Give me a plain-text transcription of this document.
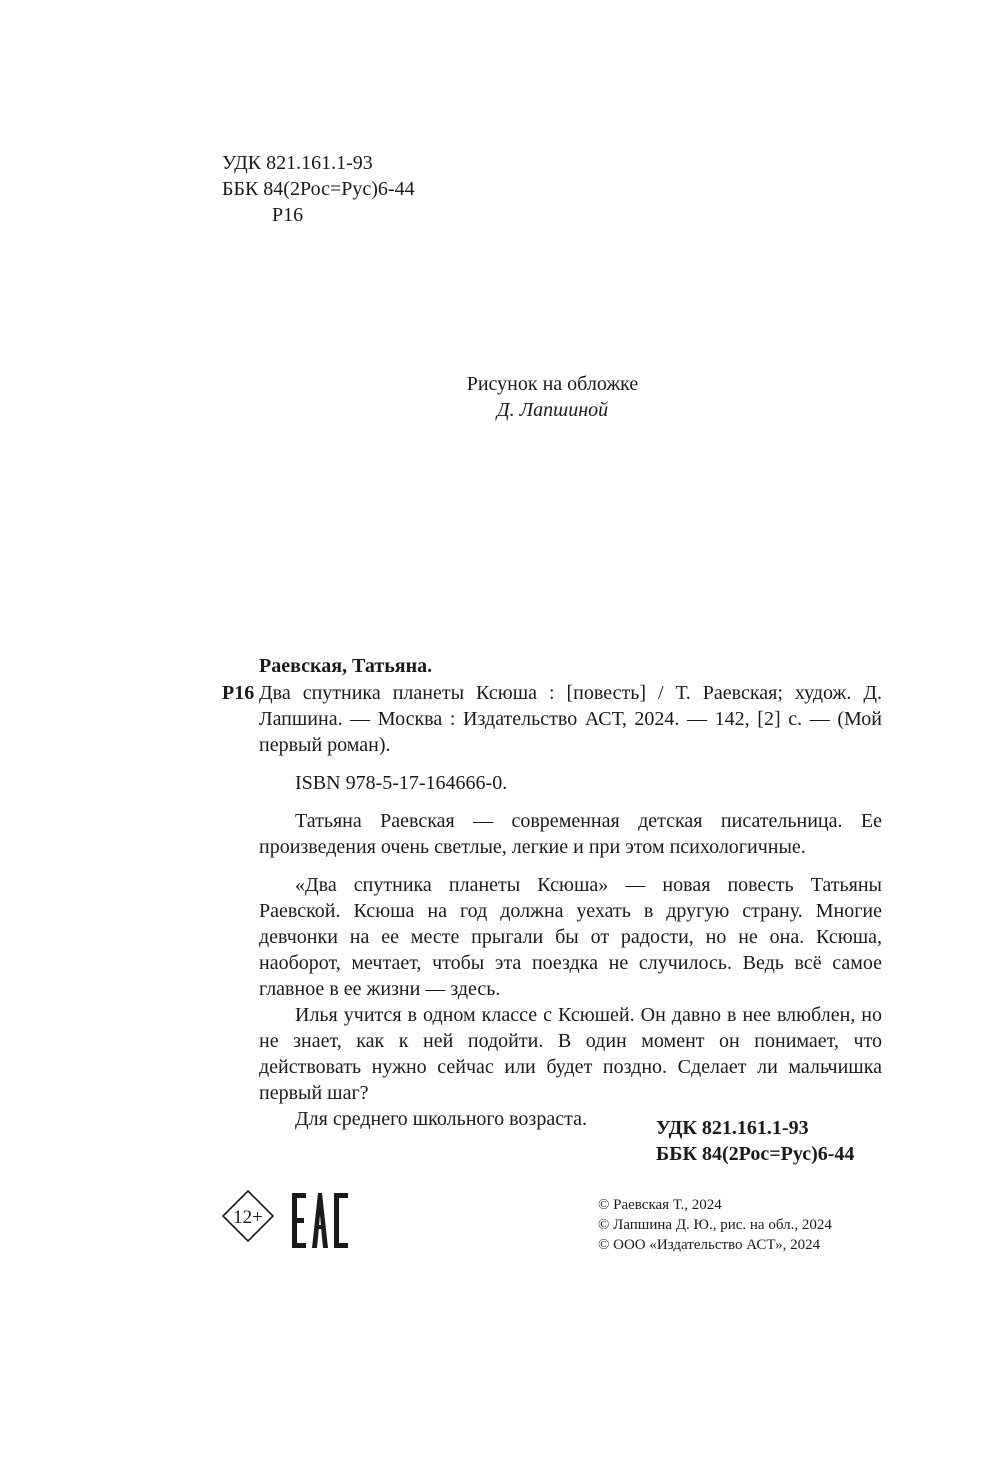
УДК 821.161.1-93
ББК 84(2Рос=Рус)6-44
Р16
Рисунок на обложке
Д. Лапшиной
Раевская, Татьяна.
Р16 Два спутника планеты Ксюша : [повесть] / Т. Раевская; худож. Д. Лапшина. — Москва : Издательство АСТ, 2024. — 142, [2] с. — (Мой первый роман).

ISBN 978-5-17-164666-0.

Татьяна Раевская — современная детская писательница. Ее произведения очень светлые, легкие и при этом психологичные.

«Два спутника планеты Ксюша» — новая повесть Татьяны Раевской. Ксюша на год должна уехать в другую страну. Многие девчонки на ее месте прыгали бы от радости, но не она. Ксюша, наоборот, мечтает, чтобы эта поездка не случилось. Ведь всё самое главное в ее жизни — здесь.

Илья учится в одном классе с Ксюшей. Он давно в нее влюблен, но не знает, как к ней подойти. В один момент он понимает, что действовать нужно сейчас или будет поздно. Сделает ли мальчишка первый шаг?

Для среднего школьного возраста.	УДК 821.161.1-93
ББК 84(2Рос=Рус)6-44
12+
© Раевская Т., 2024
© Лапшина Д. Ю., рис. на обл., 2024
© ООО «Издательство АСТ», 2024
